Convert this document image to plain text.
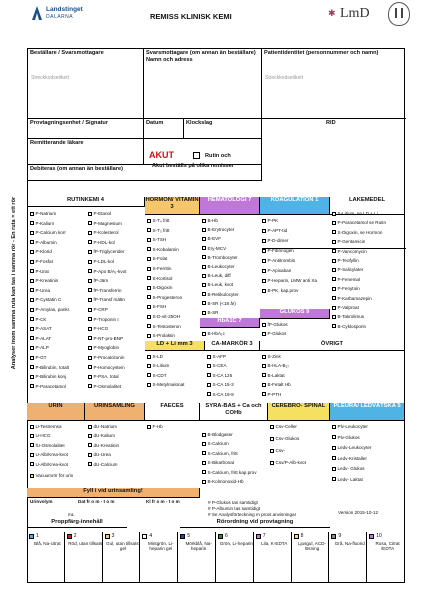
Analyser inom samma ruta kan tas i samma rör - En ruta = ett rör
Landstinget
DALARNA	REMISS KLINISK KEMI	✱ LmD
Beställare / Svarsmottagare
Streckkodsetikett
Svarsmottagare (om annan än beställare) Namn och adress
Patientidentitet (personnummer och namn)
Streckkodsetikett
Provtagningsenhet / Signatur	Datum	Klockslag	RID
Remitterande läkare
Debiteras (om annan än beställare)
AKUT	Rutin och
Akut beställs på olika remisser
RUTINKEMI 4	HORMON/ VITAMIN 3
HEMATOLOGI 7	KOAGULATION 1	LAKEMEDEL
P-Natrium
P-Kalium
P-Calcium korr
P-Albumin
P-Klorid
P-Fosfat
P-Urat
P-Kreatinin
P-Urea
P-Cystatin C
P-Amylas, pankr.
P-CK
P-ASAT
P-ALAT
P-ALP
P-GT
P-Bilirubin, totalt
P-Bilirubin konj
P-Paracetamol
P-Etanol
P-Magnesium
P-Kolesterol
P-HDL-kol
fP-Triglycerider
P-LDL-kol
P-Apo B/A₁-kvot
fP-Järn
fP-Transferrin
fP-Transf mättn
P-CRP
P-Troponin I
P-HCG
P-NT-pro-BNP
P-Myoglobin
P-Procalcitonin
P-Homocystein
P-PSA, total
P-Osmolalitet
S-T₄ fritt
S-T₃ fritt
S-TSH
S-Kobalamin
S-Folat
S-Ferritin
S-Kortisol
S-Digoxin
S-Progesteron
S-FSH
S-D-vit-25OH
S-Testosteron
S-Prolaktin
B-Hb
B-Erytrocyter
B-EVF
Ery-MCV
B-Trombocyter
B-Leukocyter
B-Leuk, diff
B-Leuk, kvot
B-Retikulocyter
B-SR (<18 år)
B-SR
B-HbA₁c
P-PK
P-APT-tid
P-D-dimer
P-Fibrinogen
P-Antitrombin
P-Apixaban
P-Heparin, LMW anti Xa
B-PK, kap.prov
fP-Glukos
P-Glukos
S-Litium, se LD + Li
P-Paracetamol se Rutin
S-Digoxin, se Hormon
P-Gentamicin
P-Vancomycin
P-Teofyllin
P-Salicylater
P-Fenemal
P-Fenytoin
P-Karbamazepin
P-Valproat
B-Takrolimus
B-Cyklosporin
S-LD
S-Litium
S-CDT
S-Metylmalonat
S-AFP
S-CEA
S-CA 125
S-CA 15-3
S-CA 19-9
S-Zink
B-HLA-B₂₇
B-Laktat
B-Fetalt Hb
P-PTH
U-Testremsa
U-HCG
fU-Osmolalitet
U-Alb/Krea-kvot
U-Alb/Krea-kvot
dU-Natrium
dU-Kalium
dU-Kreatinin
dU-Urea
dU-Calcium
F-Hb
B-Blodgaser
S-Calcium
S-Calcium, fritt
S-Bikarbonat
S-Calcium, fritt kap.prov
B-Kolmonoxid-Hb
Csv-Celler
Csv-Glukos
Csv-
Csv/P-Alb-kvot
Plv-Leukocyter
Plv-Glukos
Ledv-Leukocyter
Ledv-Kristaller
Ledv- Glukos
Ledv- Laktat
GLUKOS 9
HbA1C 7
LD + Li mm 3	CA-MARKÖR 3	ÖVRIGT
URIN	URINSAMLING	FAECES	SYRA-BAS + Ca och COHb
CEREBRO- SPINAL	PLEURA/ LEDVÄTSKA 5
Vacuumrör för urin
Fyll i vid urinsamling!
Urinvolym	Dat fr o m - t o m	Kl fr o m - t o m
mL
# P-Glukos tas samtidigt
# P-Albumin tas samtidigt
# Se Analysförteckning m provt.anvisningar	Version 2015-10-12
Proppfärg-innehåll	Rörordning vid provtagning
1
Blå, Na-citrat
2
Röd, utan tillsats
3
Gul, utan tillsats, gel
4
Mintgrön, Li-heparin gel
5
Mörkblå, Na-heparin
6
Grön, Li-heparin
7
Lila, K-EDTA
8
Ljusgul, ACD-lösning
9
Grå, Na-fluorid
10
Rosa, Citrat /EDTA
